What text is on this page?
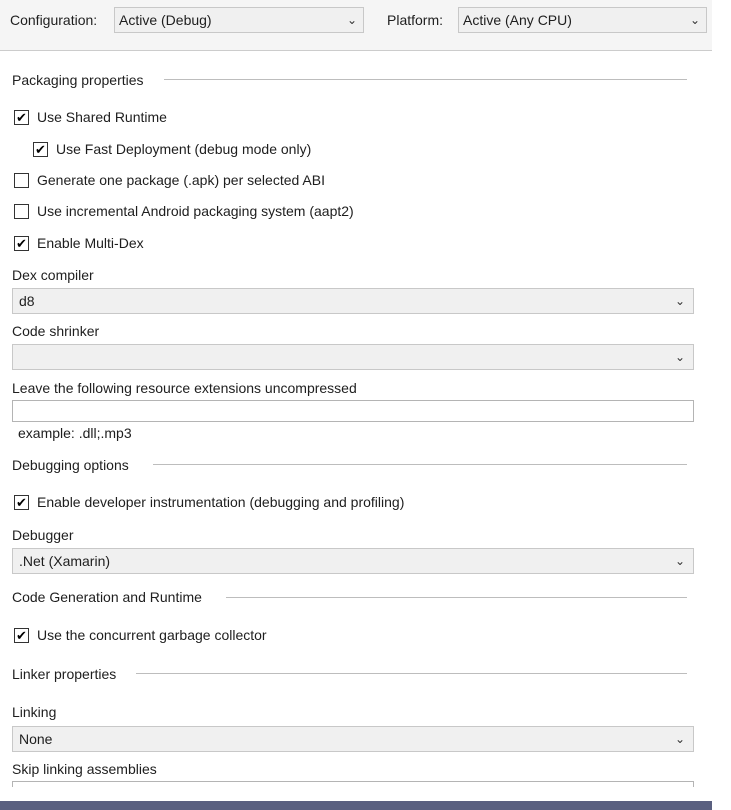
Configuration:	Active (Debug)	⌄ Platform:	Active (Any CPU)	⌄
Packaging properties
✔ Use Shared Runtime
✔ Use Fast Deployment (debug mode only)
Generate one package (.apk) per selected ABI
Use incremental Android packaging system (aapt2)
✔ Enable Multi-Dex
Dex compiler
d8	⌄
Code shrinker
⌄
Leave the following resource extensions uncompressed
example: .dll;.mp3
Debugging options
✔ Enable developer instrumentation (debugging and profiling)
Debugger
.Net (Xamarin)	⌄
Code Generation and Runtime
✔ Use the concurrent garbage collector
Linker properties
Linking
None	⌄
Skip linking assemblies
